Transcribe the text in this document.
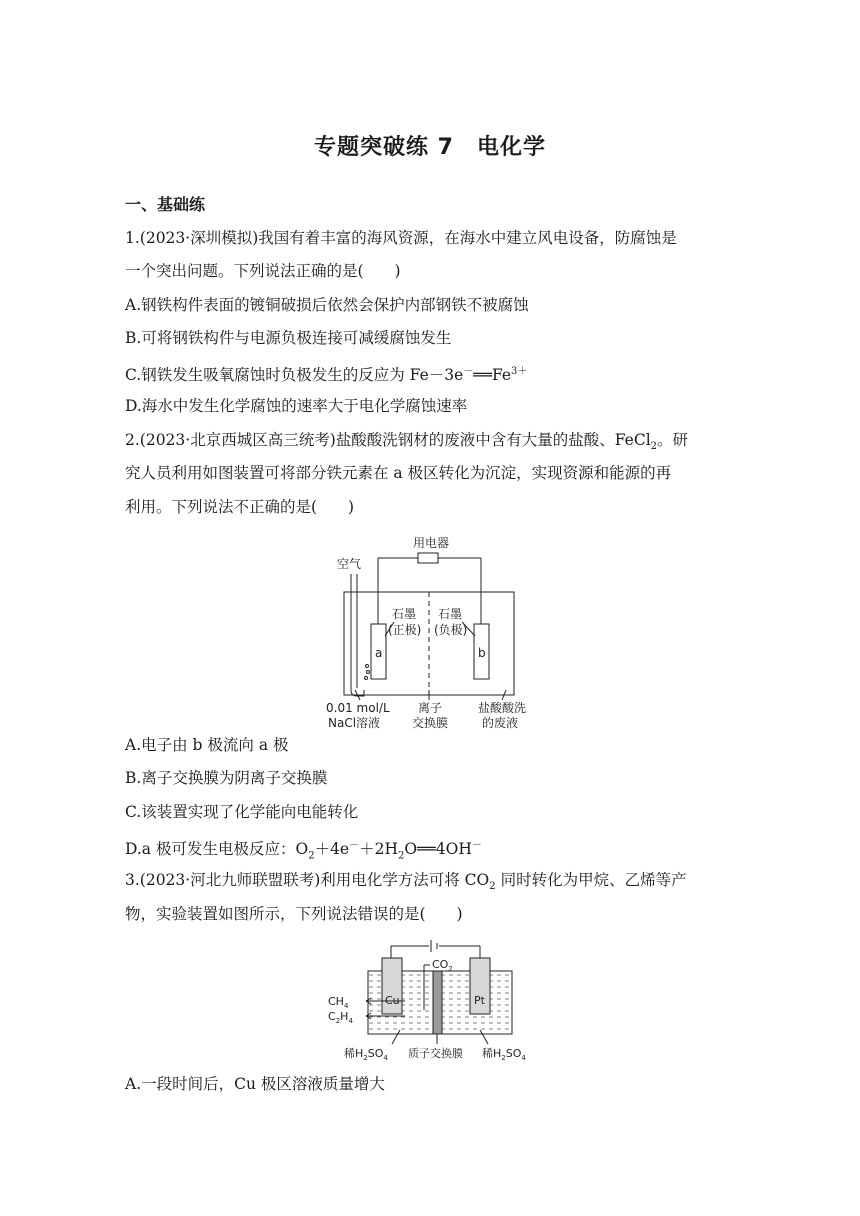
专题突破练 7　电化学
一、基础练
1.(2023·深圳模拟)我国有着丰富的海风资源，在海水中建立风电设备，防腐蚀是
一个突出问题。下列说法正确的是(　　)
A.钢铁构件表面的镀铜破损后依然会保护内部钢铁不被腐蚀
B.可将钢铁构件与电源负极连接可减缓腐蚀发生
C.钢铁发生吸氧腐蚀时负极发生的反应为 $Fe-3e^-══Fe^{3+}$
D.海水中发生化学腐蚀的速率大于电化学腐蚀速率
2.(2023·北京西城区高三统考)盐酸酸洗钢材的废液中含有大量的盐酸、FeCl$_2$。研
究人员利用如图装置可将部分铁元素在 a 极区转化为沉淀，实现资源和能源的再
利用。下列说法不正确的是(　　)
用电器
空气
石墨
(正极)
石墨
(负极)
a	b
0.01 mol/L
NaCl溶液
离子
交换膜
盐酸酸洗
的废液
$CO_2$
Cu	Pt
$CH_4$
$C_2H_4$
稀$H_2SO_4$ 质子交换膜 稀$H_2SO_4$
A.电子由 b 极流向 a 极
B.离子交换膜为阴离子交换膜
C.该装置实现了化学能向电能转化
D.a 极可发生电极反应：$O_2+4e^-+2H_2O══4OH^-$
3.(2023·河北九师联盟联考)利用电化学方法可将 $CO_2$ 同时转化为甲烷、乙烯等产
物，实验装置如图所示，下列说法错误的是(　　)
A.一段时间后，Cu 极区溶液质量增大
